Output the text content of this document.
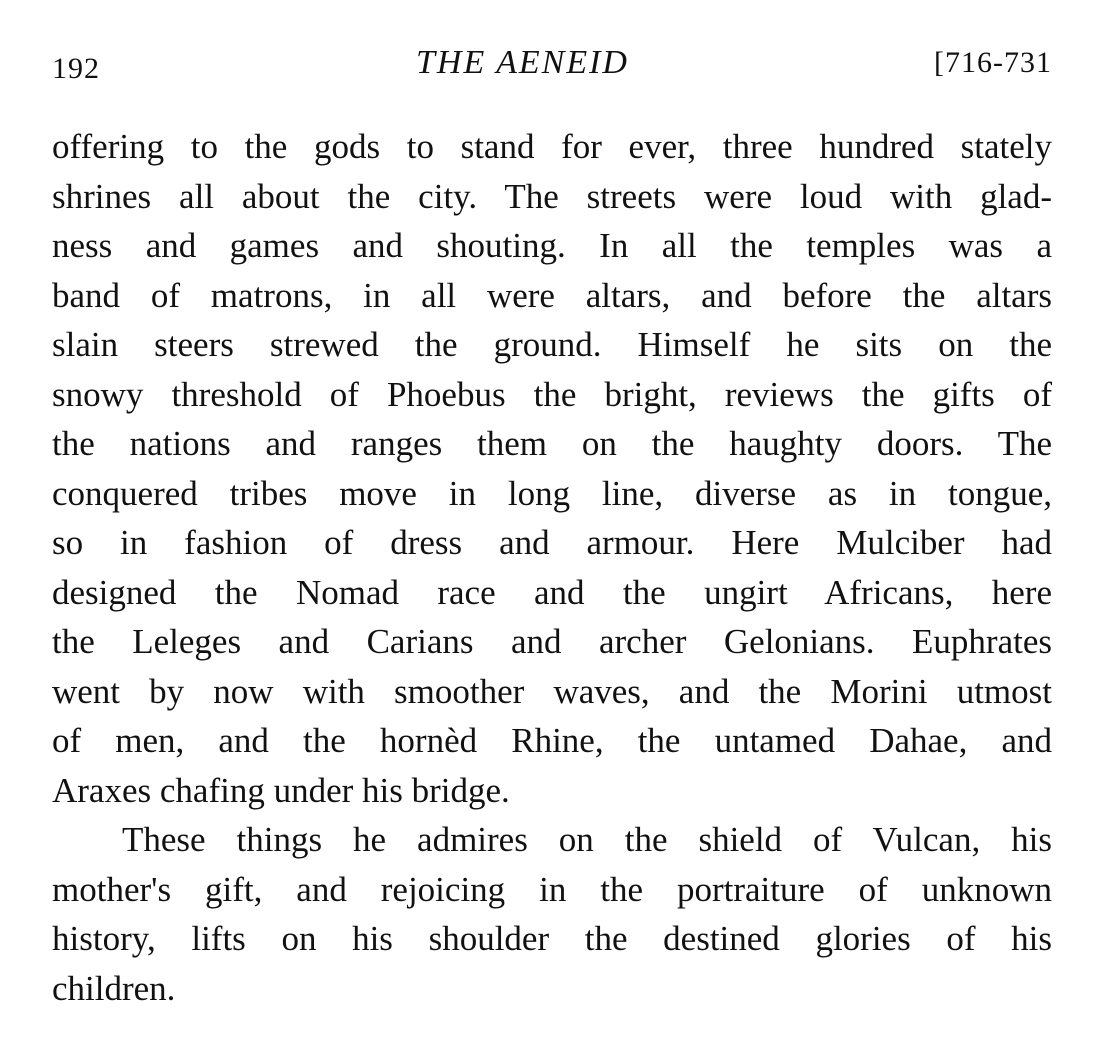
192	THE AENEID	[716-731
offering to the gods to stand for ever, three hundred stately
shrines all about the city. The streets were loud with glad-
ness and games and shouting. In all the temples was a
band of matrons, in all were altars, and before the altars
slain steers strewed the ground. Himself he sits on the
snowy threshold of Phoebus the bright, reviews the gifts of
the nations and ranges them on the haughty doors. The
conquered tribes move in long line, diverse as in tongue,
so in fashion of dress and armour. Here Mulciber had
designed the Nomad race and the ungirt Africans, here
the Leleges and Carians and archer Gelonians. Euphrates
went by now with smoother waves, and the Morini utmost
of men, and the hornèd Rhine, the untamed Dahae, and
Araxes chafing under his bridge.
These things he admires on the shield of Vulcan, his
mother's gift, and rejoicing in the portraiture of unknown
history, lifts on his shoulder the destined glories of his
children.
